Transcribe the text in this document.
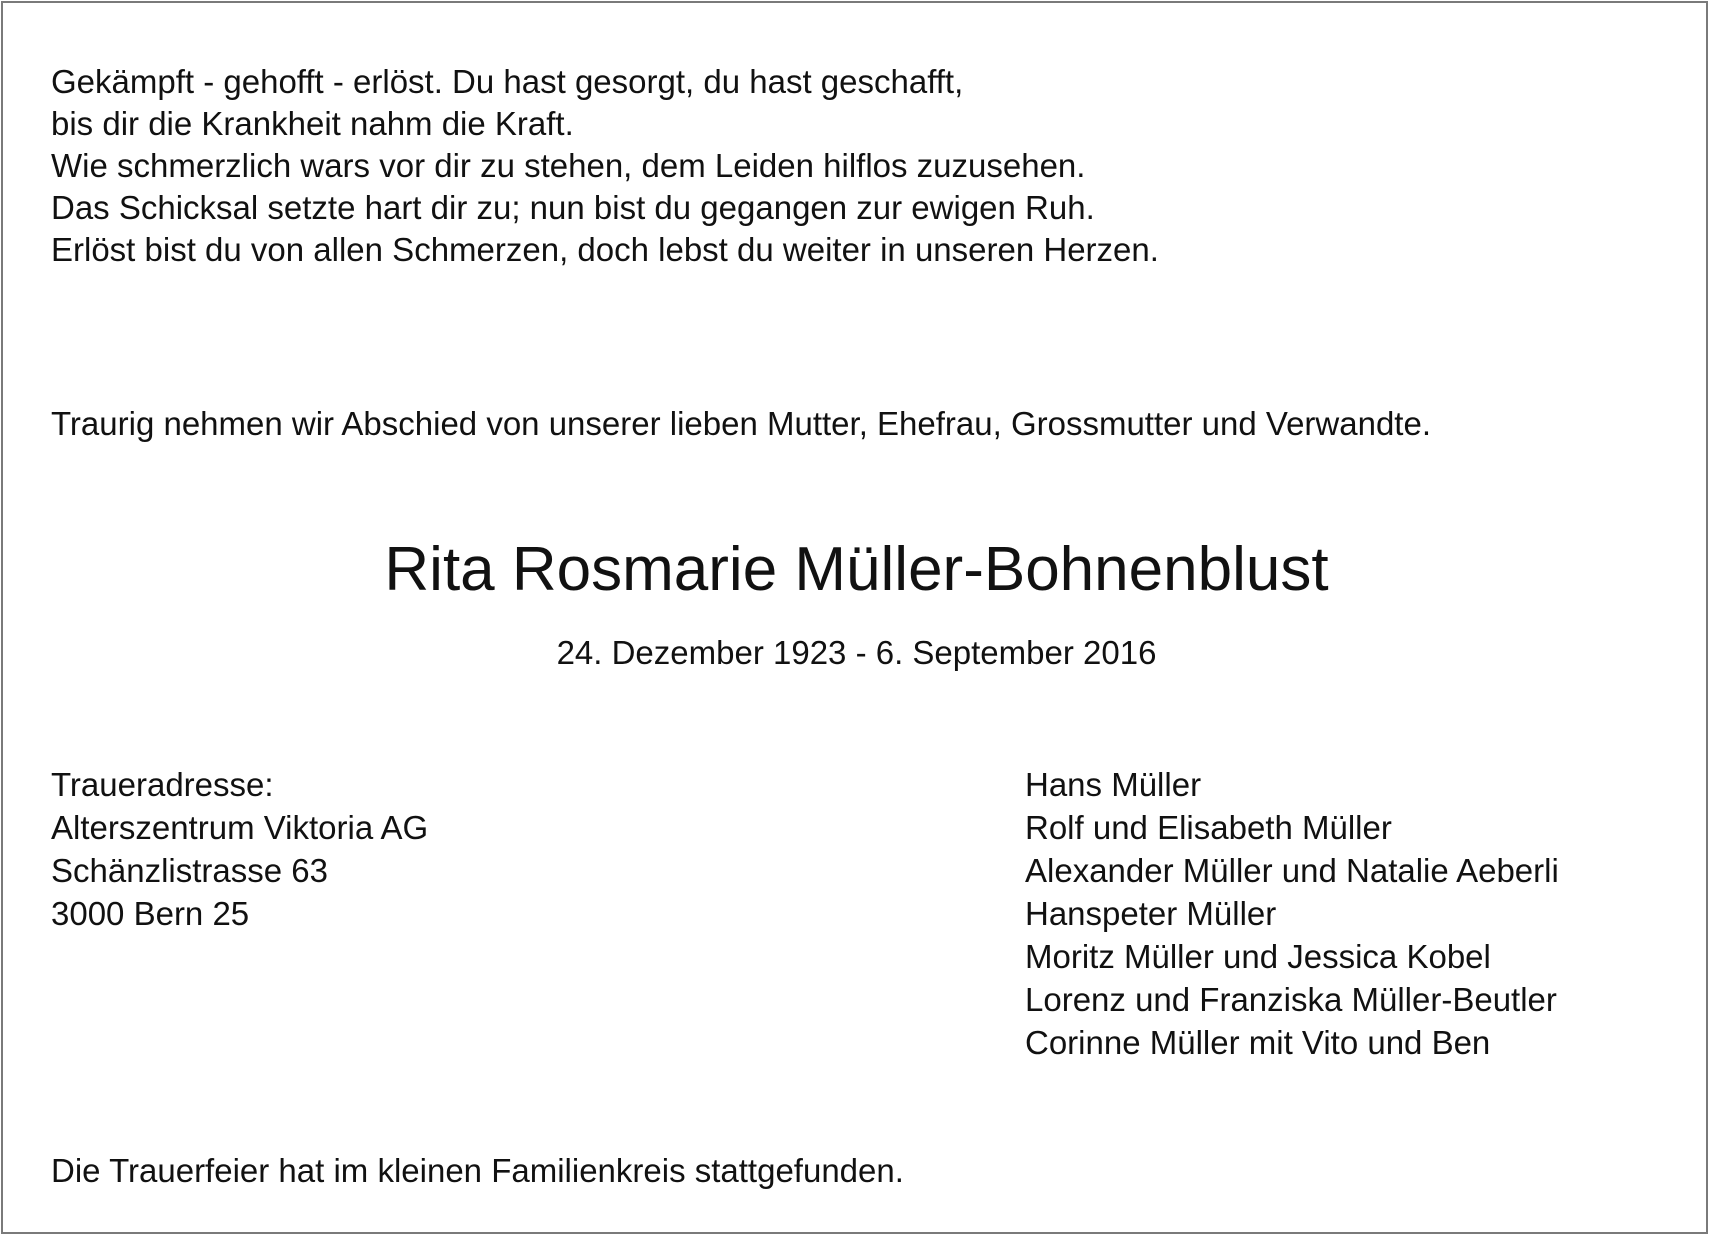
Gekämpft - gehofft - erlöst. Du hast gesorgt, du hast geschafft,
bis dir die Krankheit nahm die Kraft.
Wie schmerzlich wars vor dir zu stehen, dem Leiden hilflos zuzusehen.
Das Schicksal setzte hart dir zu; nun bist du gegangen zur ewigen Ruh.
Erlöst bist du von allen Schmerzen, doch lebst du weiter in unseren Herzen.
Traurig nehmen wir Abschied von unserer lieben Mutter, Ehefrau, Grossmutter und Verwandte.
Rita Rosmarie Müller-Bohnenblust
24. Dezember 1923 - 6. September 2016
Traueradresse:
Alterszentrum Viktoria AG
Schänzlistrasse 63
3000 Bern 25
Hans Müller
Rolf und Elisabeth Müller
Alexander Müller und Natalie Aeberli
Hanspeter Müller
Moritz Müller und Jessica Kobel
Lorenz und Franziska Müller-Beutler
Corinne Müller mit Vito und Ben
Die Trauerfeier hat im kleinen Familienkreis stattgefunden.
